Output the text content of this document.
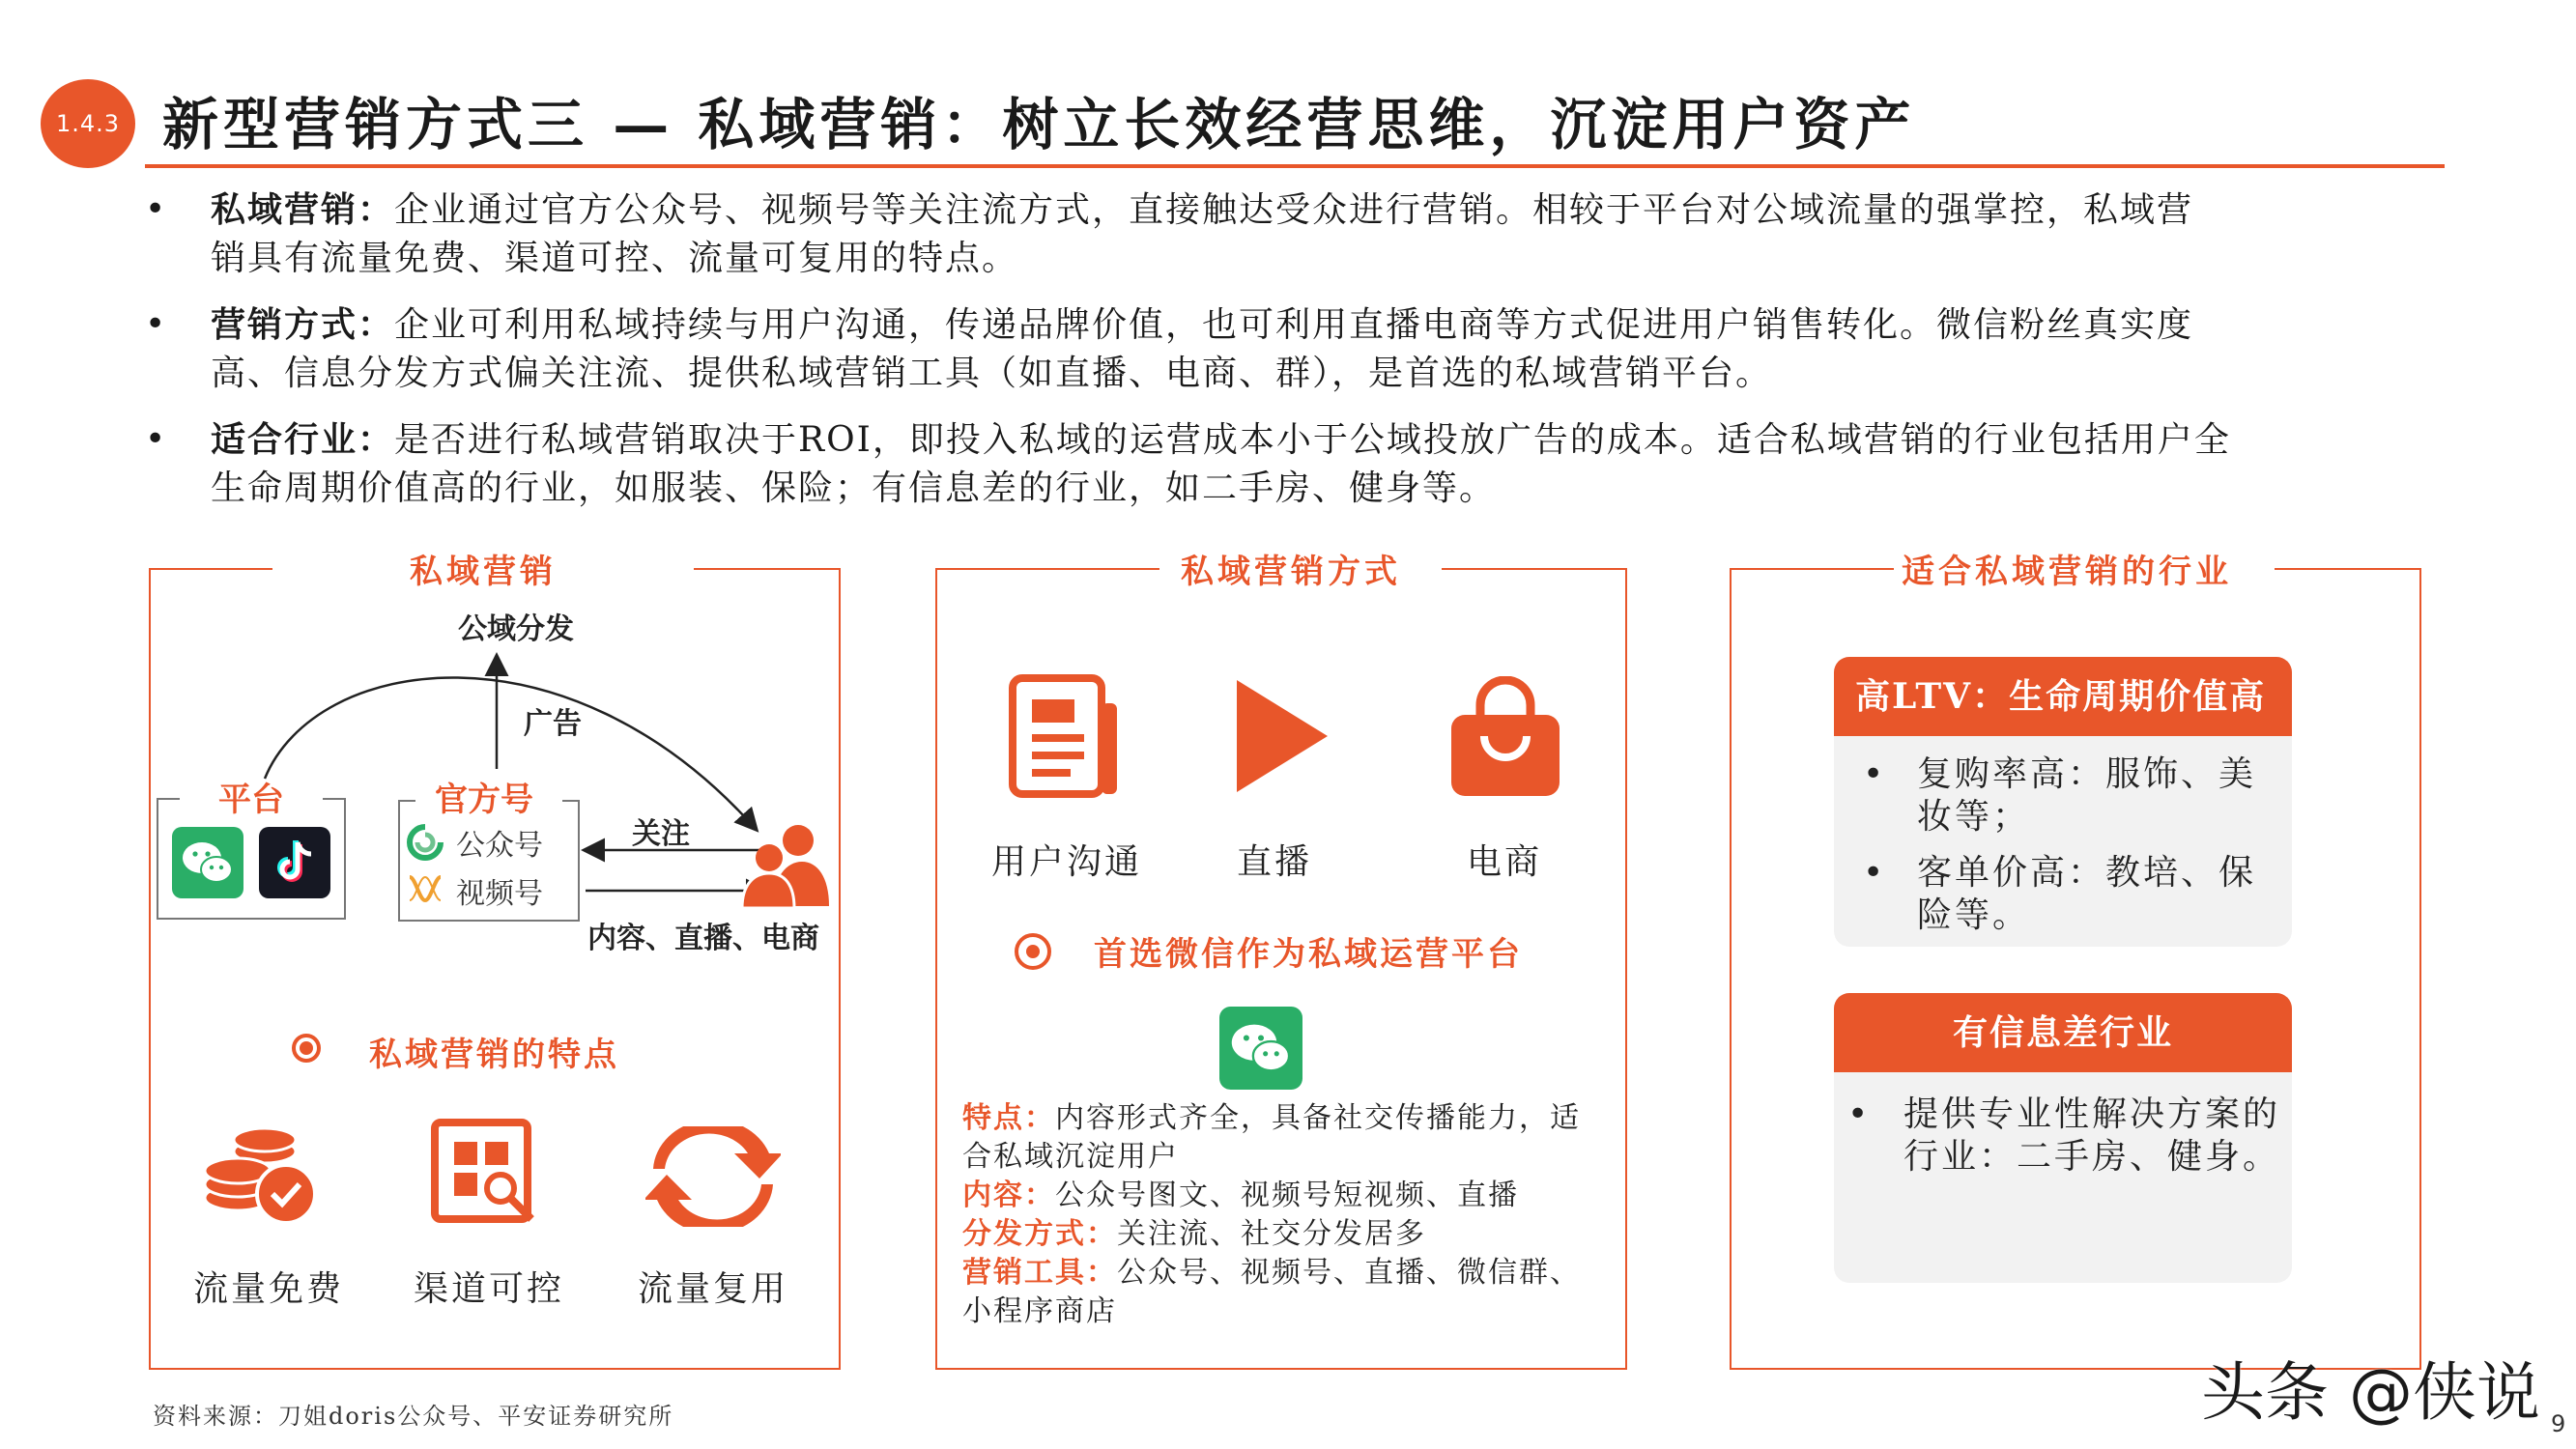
1.4.3 新型营销方式三 — 私域营销：树立长效经营思维，沉淀用户资产
• 私域营销：企业通过官方公众号、视频号等关注流方式，直接触达受众进行营销。相较于平台对公域流量的强掌控，私域营
销具有流量免费、渠道可控、流量可复用的特点。
• 营销方式：企业可利用私域持续与用户沟通，传递品牌价值，也可利用直播电商等方式促进用户销售转化。微信粉丝真实度
高、信息分发方式偏关注流、提供私域营销工具（如直播、电商、群），是首选的私域营销平台。
• 适合行业：是否进行私域营销取决于ROI，即投入私域的运营成本小于公域投放广告的成本。适合私域营销的行业包括用户全
生命周期价值高的行业，如服装、保险；有信息差的行业，如二手房、健身等。
私域营销
公域分发
广告
平台	官方号
公众号
视频号
关注
内容、直播、电商
私域营销的特点
流量免费 渠道可控 流量复用
私域营销方式
用户沟通	直播	电商
首选微信作为私域运营平台
特点：内容形式齐全，具备社交传播能力，适
合私域沉淀用户
内容：公众号图文、视频号短视频、直播
分发方式：关注流、社交分发居多
营销工具：公众号、视频号、直播、微信群、
小程序商店
适合私域营销的行业
高LTV：生命周期价值高
• 复购率高：服饰、美
妆等；
• 客单价高：教培、保
险等。
有信息差行业
• 提供专业性解决方案的
行业：二手房、健身。
资料来源：刀姐doris公众号、平安证券研究所	头条 @侠说 9
